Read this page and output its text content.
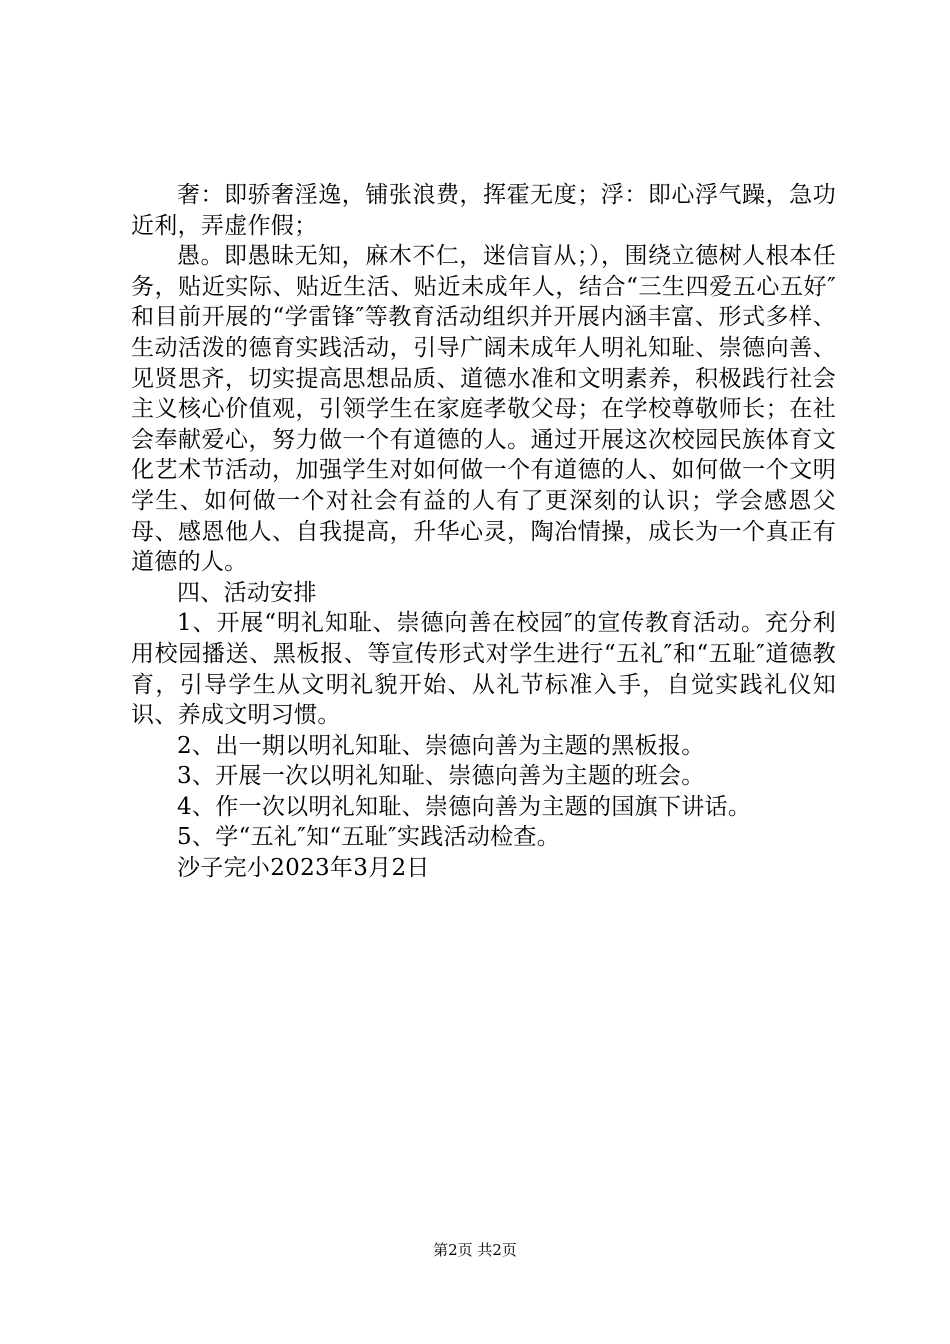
奢：即骄奢淫逸，铺张浪费，挥霍无度；浮：即心浮气躁，急功近利，弄虚作假；

愚。即愚昧无知，麻木不仁，迷信盲从；），围绕立德树人根本任务，贴近实际、贴近生活、贴近未成年人，结合“三生四爱五心五好″和目前开展的“学雷锋″等教育活动组织并开展内涵丰富、形式多样、生动活泼的德育实践活动，引导广阔未成年人明礼知耻、崇德向善、见贤思齐，切实提高思想品质、道德水准和文明素养，积极践行社会主义核心价值观，引领学生在家庭孝敬父母；在学校尊敬师长；在社会奉献爱心，努力做一个有道德的人。通过开展这次校园民族体育文化艺术节活动，加强学生对如何做一个有道德的人、如何做一个文明学生、如何做一个对社会有益的人有了更深刻的认识；学会感恩父母、感恩他人、自我提高，升华心灵，陶冶情操，成长为一个真正有道德的人。

四、活动安排

1、开展“明礼知耻、崇德向善在校园″的宣传教育活动。充分利用校园播送、黑板报、等宣传形式对学生进行“五礼″和“五耻″道德教育，引导学生从文明礼貌开始、从礼节标准入手，自觉实践礼仪知识、养成文明习惯。

2、出一期以明礼知耻、崇德向善为主题的黑板报。

3、开展一次以明礼知耻、崇德向善为主题的班会。

4、作一次以明礼知耻、崇德向善为主题的国旗下讲话。

5、学“五礼″知“五耻″实践活动检查。

沙子完小2023年3月2日

第2页 共2页
